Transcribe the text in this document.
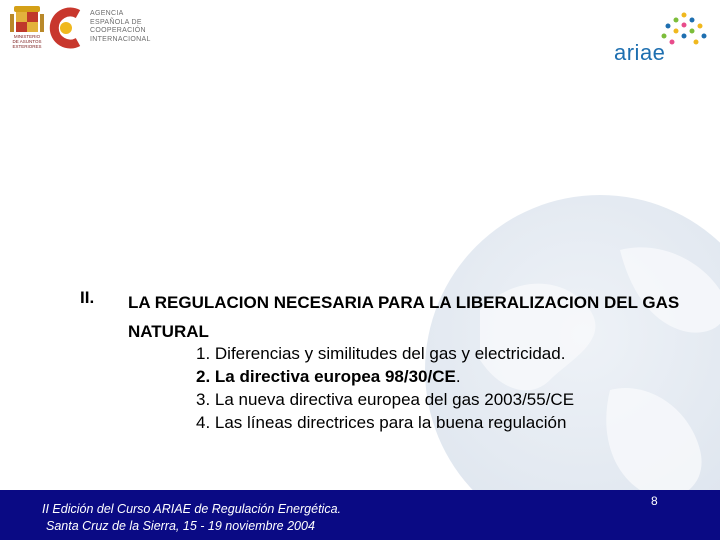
MINISTERIO
DE ASUNTOS
EXTERIORES
AGENCIA
ESPAÑOLA DE
COOPERACIÓN
INTERNACIONAL
ariae
II. LA REGULACION NECESARIA PARA LA LIBERALIZACION DEL GAS NATURAL
1. Diferencias y similitudes del gas y electricidad.
2. La directiva europea 98/30/CE.
3. La nueva directiva europea del gas 2003/55/CE
4. Las líneas directrices para la buena regulación
II Edición del Curso ARIAE de Regulación Energética.
Santa Cruz de la Sierra, 15 - 19 noviembre 2004
8
